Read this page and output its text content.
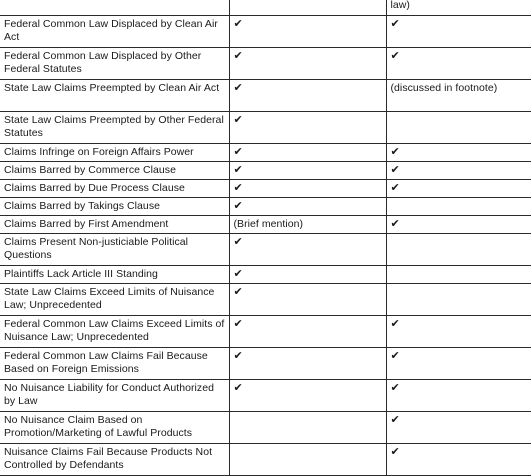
		law)
Federal Common Law Displaced by Clean Air Act	✔	✔
Federal Common Law Displaced by Other Federal Statutes	✔	✔
State Law Claims Preempted by Clean Air Act	✔	(discussed in footnote)
State Law Claims Preempted by Other Federal Statutes	✔	
Claims Infringe on Foreign Affairs Power	✔	✔
Claims Barred by Commerce Clause	✔	✔
Claims Barred by Due Process Clause	✔	✔
Claims Barred by Takings Clause	✔	
Claims Barred by First Amendment	(Brief mention)	✔
Claims Present Non-justiciable Political Questions	✔	
Plaintiffs Lack Article III Standing	✔	
State Law Claims Exceed Limits of Nuisance Law; Unprecedented	✔	
Federal Common Law Claims Exceed Limits of Nuisance Law; Unprecedented	✔	✔
Federal Common Law Claims Fail Because Based on Foreign Emissions	✔	✔
No Nuisance Liability for Conduct Authorized by Law	✔	✔
No Nuisance Claim Based on Promotion/Marketing of Lawful Products		✔
Nuisance Claims Fail Because Products Not Controlled by Defendants		✔
